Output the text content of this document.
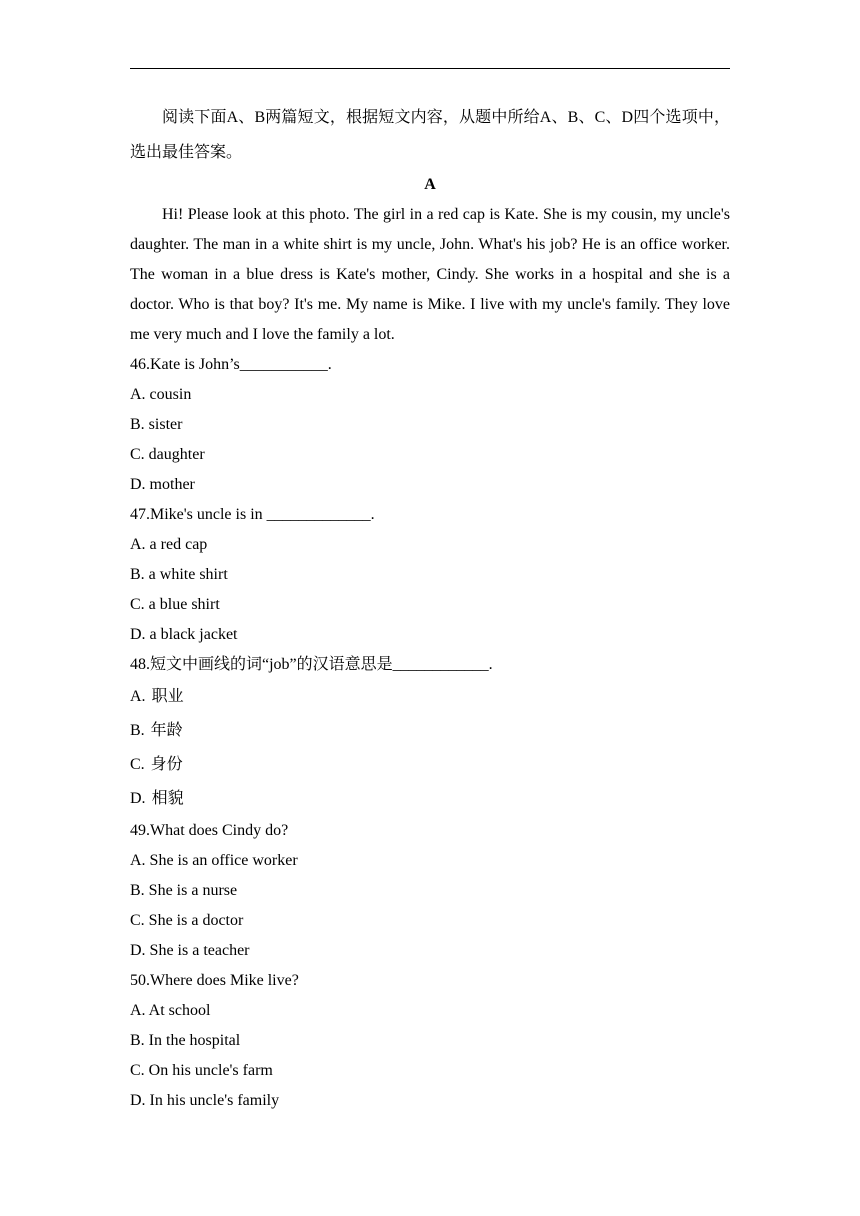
阅读下面A、B两篇短文，根据短文内容，从题中所给A、B、C、D四个选项中，选出最佳答案。

A

Hi! Please look at this photo. The girl in a red cap is Kate. She is my cousin, my uncle's daughter. The man in a white shirt is my uncle, John. What's his job? He is an office worker. The woman in a blue dress is Kate's mother, Cindy. She works in a hospital and she is a doctor. Who is that boy? It's me. My name is Mike. I live with my uncle's family. They love me very much and I love the family a lot.

46.Kate is John’s___________.

A. cousin

B. sister

C. daughter

D. mother

47.Mike's uncle is in _____________.

A. a red cap

B. a white shirt

C. a blue shirt

D. a black jacket

48.短文中画线的词“job”的汉语意思是____________.

A. 职业

B. 年龄

C. 身份

D. 相貌

49.What does Cindy do?

A. She is an office worker

B. She is a nurse

C. She is a doctor

D. She is a teacher

50.Where does Mike live?

A. At school

B. In the hospital

C. On his uncle's farm

D. In his uncle's family
